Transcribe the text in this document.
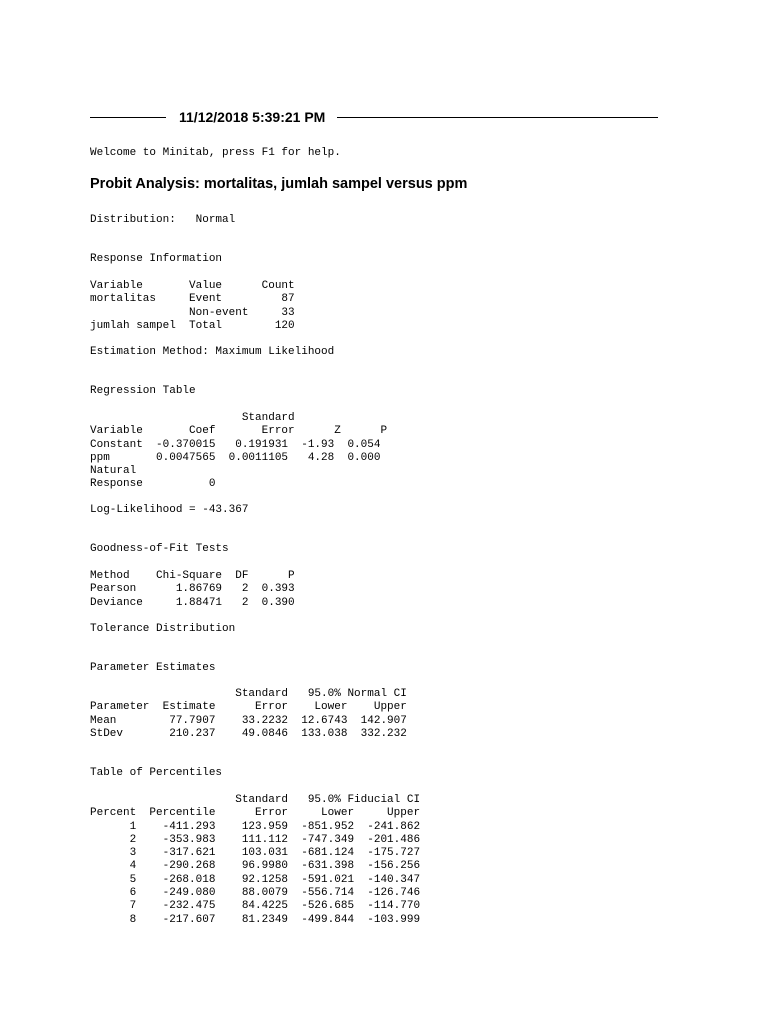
11/12/2018 5:39:21 PM
Welcome to Minitab, press F1 for help.
Probit Analysis: mortalitas, jumlah sampel versus ppm
Distribution:   Normal
Response Information
Variable       Value      Count
mortalitas     Event         87
Non-event     33
jumlah sampel  Total        120
Estimation Method: Maximum Likelihood
Regression Table
Standard
Variable       Coef       Error      Z      P
Constant  -0.370015   0.191931  -1.93  0.054
ppm       0.0047565  0.0011105   4.28  0.000
Natural
Response          0
Log-Likelihood = -43.367
Goodness-of-Fit Tests
Method    Chi-Square  DF      P
Pearson      1.86769   2  0.393
Deviance     1.88471   2  0.390
Tolerance Distribution
Parameter Estimates
Standard   95.0% Normal CI
Parameter  Estimate      Error    Lower    Upper
Mean        77.7907    33.2232  12.6743  142.907
StDev       210.237    49.0846  133.038  332.232
Table of Percentiles
Standard   95.0% Fiducial CI
Percent  Percentile      Error     Lower     Upper
1    -411.293    123.959  -851.952  -241.862
2    -353.983    111.112  -747.349  -201.486
3    -317.621    103.031  -681.124  -175.727
4    -290.268    96.9980  -631.398  -156.256
5    -268.018    92.1258  -591.021  -140.347
6    -249.080    88.0079  -556.714  -126.746
7    -232.475    84.4225  -526.685  -114.770
8    -217.607    81.2349  -499.844  -103.999
